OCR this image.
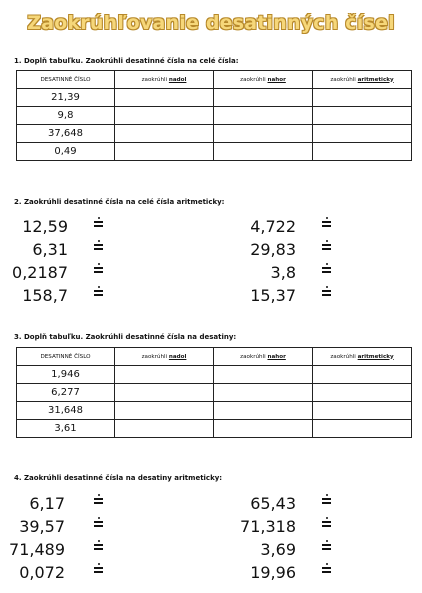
Zaokrúhľovanie desatinných čísel
1. Doplň tabuľku. Zaokrúhli desatinné čísla na celé čísla:
DESATINNÉ ČÍSLO	zaokrúhli nadol	zaokrúhli nahor	zaokrúhli aritmeticky
21,39			
9,8			
37,648			
0,49			
2. Zaokrúhli desatinné čísla na celé čísla aritmeticky:
12,59
6,31
0,2187
158,7
4,722
29,83
3,8
15,37
3. Doplň tabuľku. Zaokrúhli desatinné čísla na desatiny:
DESATINNÉ ČÍSLO	zaokrúhli nadol	zaokrúhli nahor	zaokrúhli aritmeticky
1,946			
6,277			
31,648			
3,61			
4. Zaokrúhli desatinné čísla na desatiny aritmeticky:
6,17
39,57
71,489
0,072
65,43
71,318
3,69
19,96
